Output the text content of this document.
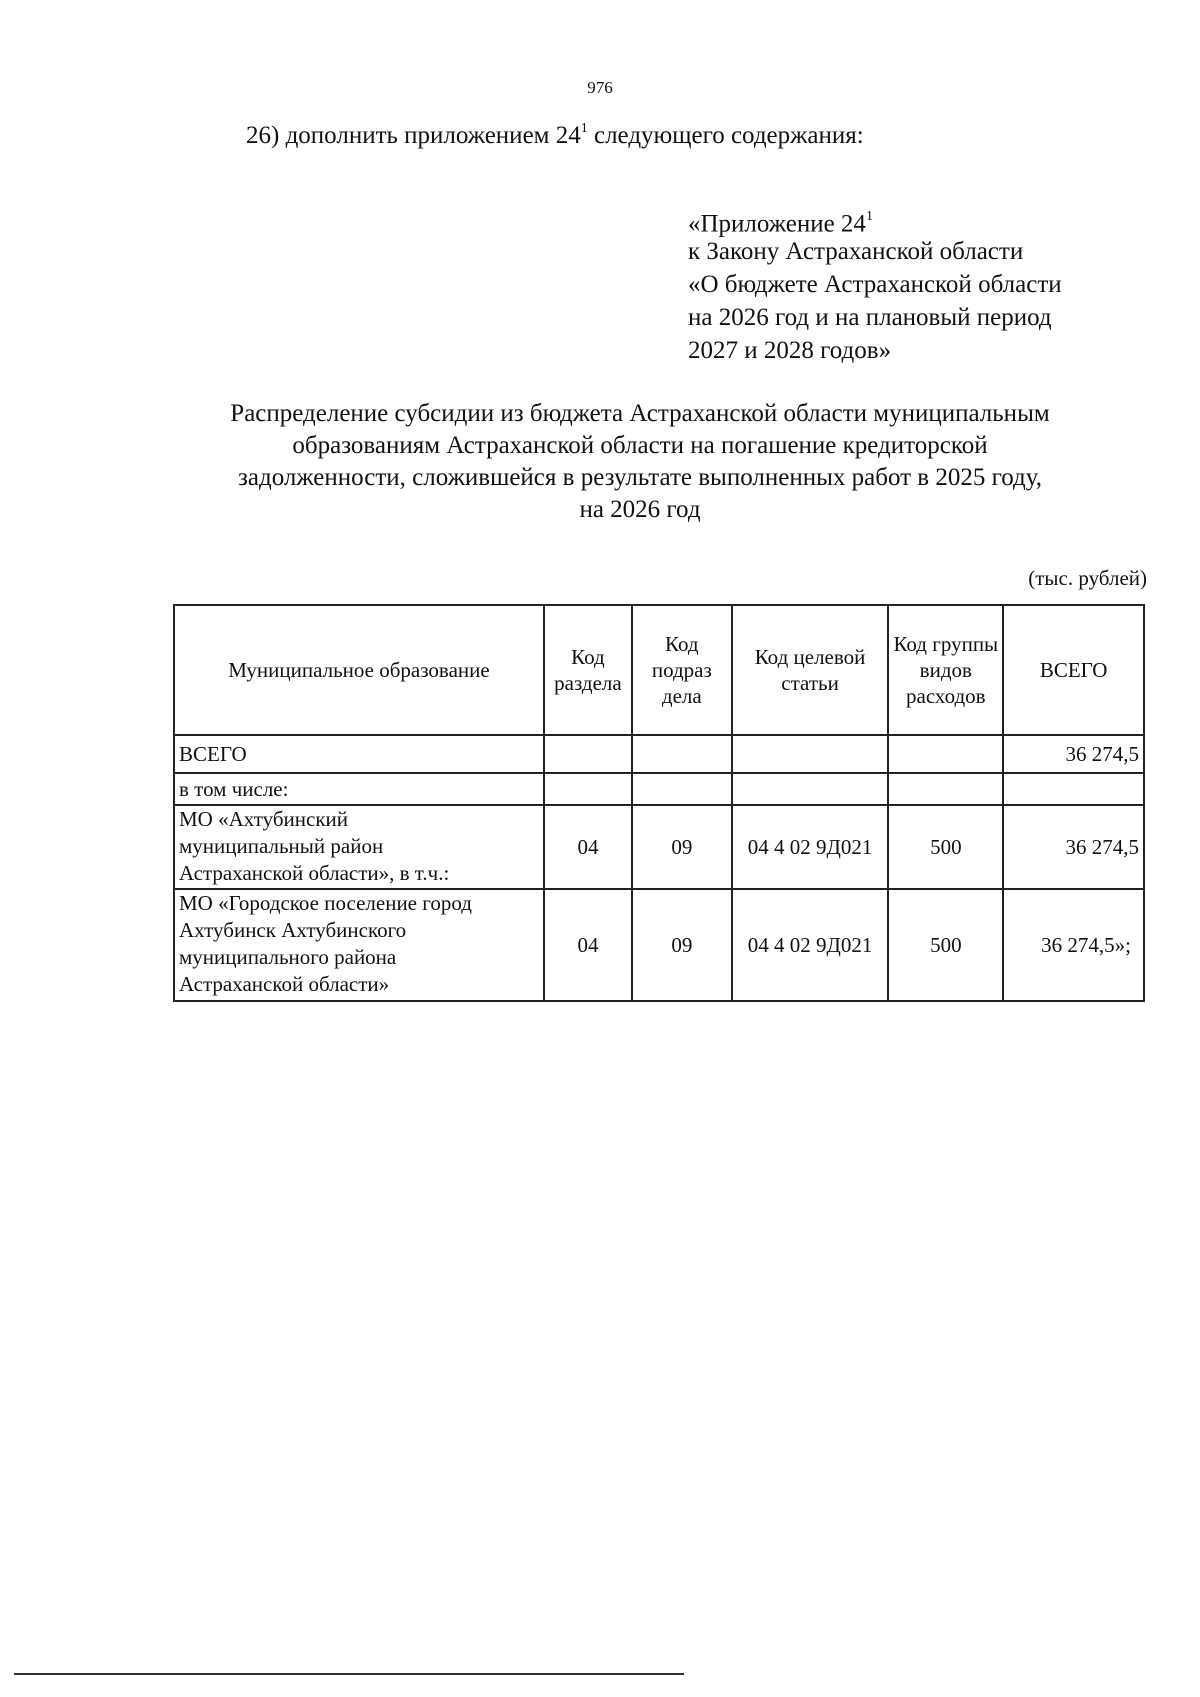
976
26) дополнить приложением $24^1$ следующего содержания:
«Приложение $24^1$
к Закону Астраханской области
«О бюджете Астраханской области
на 2026 год и на плановый период
2027 и 2028 годов»
Распределение субсидии из бюджета Астраханской области муниципальным
образованиям Астраханской области на погашение кредиторской
задолженности, сложившейся в результате выполненных работ в 2025 году,
на 2026 год
(тыс. рублей)
Муниципальное образование	Код раздела	Код подраз дела	Код целевой статьи	Код группы видов расходов	ВСЕГО
ВСЕГО					36 274,5
в том числе:					

МО «Ахтубинский
муниципальный район
Астраханской области», в т.ч.:	04	09	04 4 02 9Д021	500	36 274,5

МО «Городское поселение город
Ахтубинск Ахтубинского
муниципального района
Астраханской области»	04	09	04 4 02 9Д021	500	36 274,5»;
